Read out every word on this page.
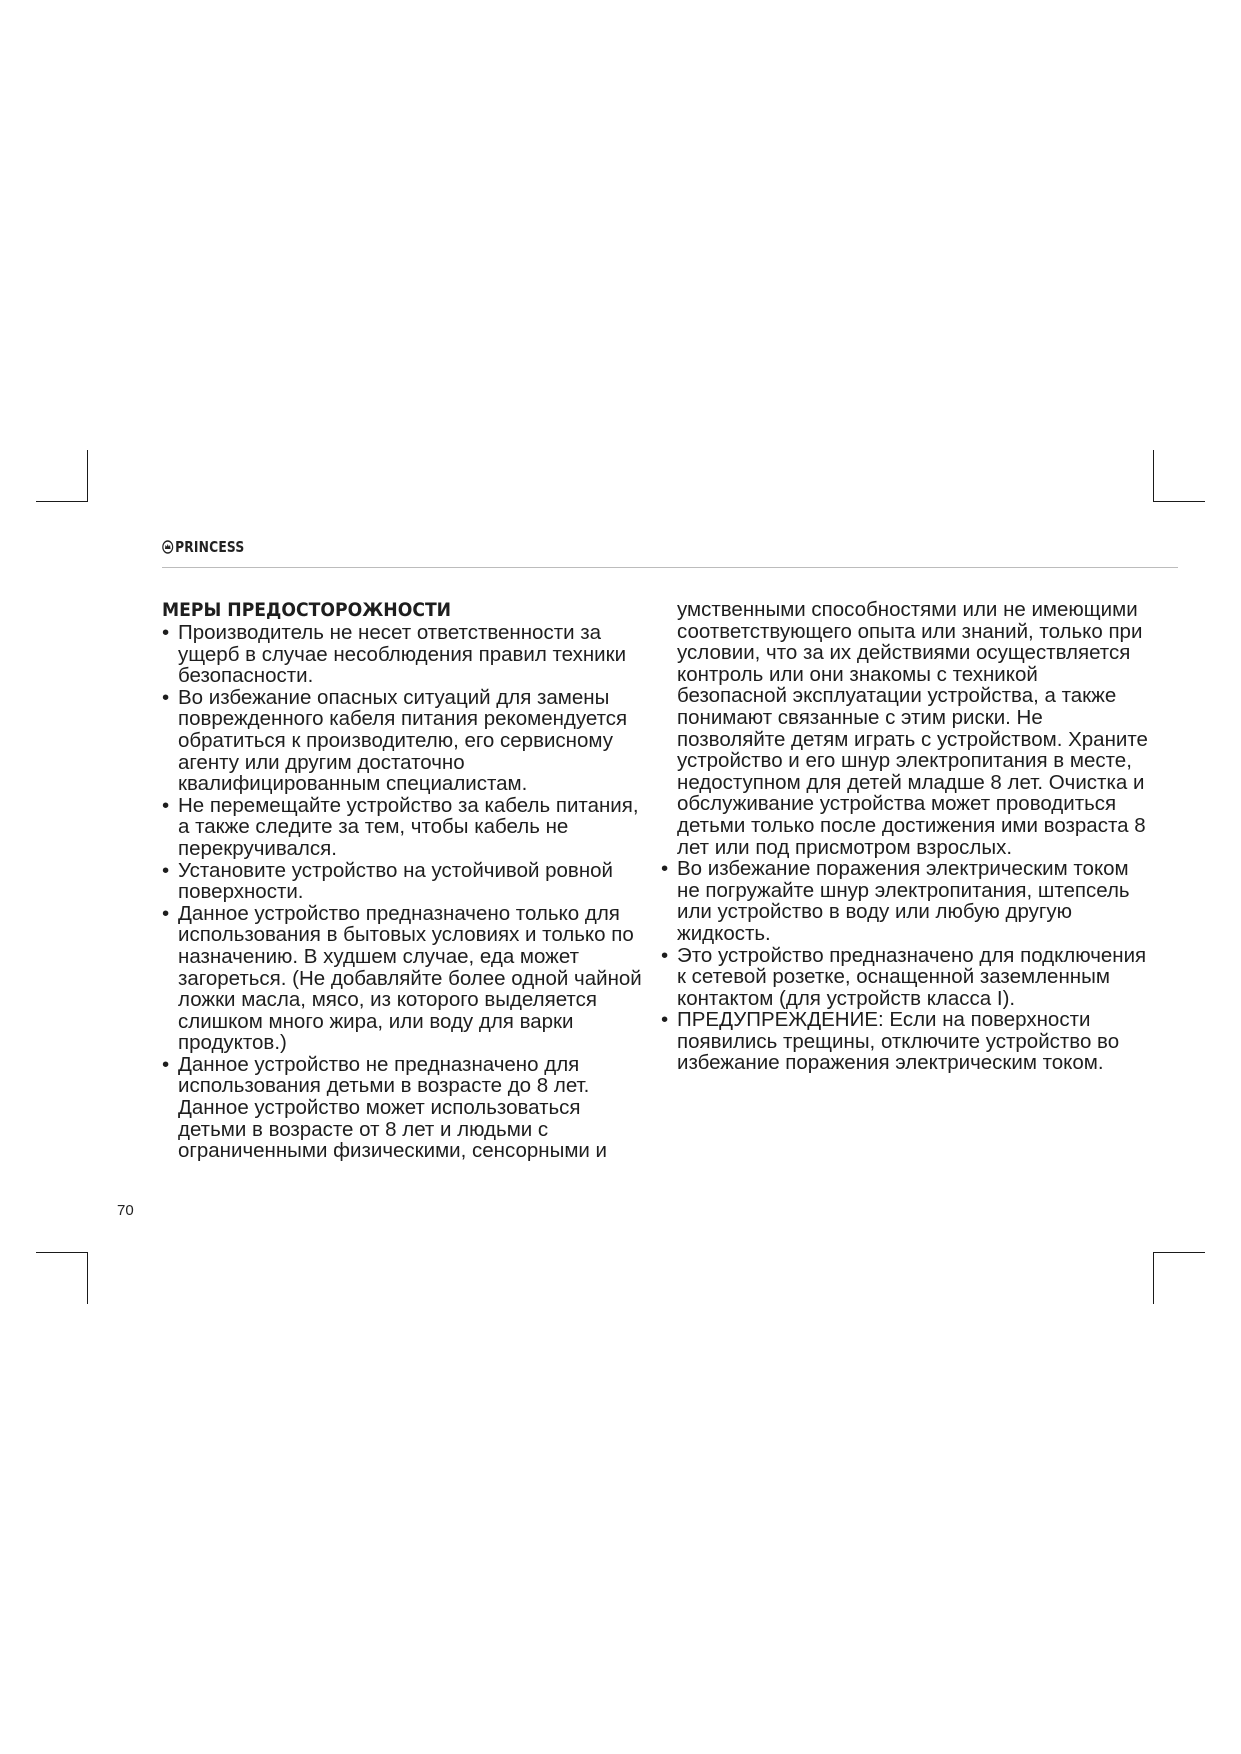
PRINCESS
МЕРЫ ПРЕДОСТОРОЖНОСТИ
• Производитель не несет ответственности за ущерб в случае несоблюдения правил техники безопасности.
• Во избежание опасных ситуаций для замены поврежденного кабеля питания рекомендуется обратиться к производителю, его сервисному агенту или другим достаточно квалифицированным специалистам.
• Не перемещайте устройство за кабель питания, а также следите за тем, чтобы кабель не перекручивался.
• Установите устройство на устойчивой ровной поверхности.
• Данное устройство предназначено только для использования в бытовых условиях и только по назначению. В худшем случае, еда может загореться. (Не добавляйте более одной чайной ложки масла, мясо, из которого выделяется слишком много жира, или воду для варки продуктов.)
• Данное устройство не предназначено для использования детьми в возрасте до 8 лет. Данное устройство может использоваться детьми в возрасте от 8 лет и людьми с ограниченными физическими, сенсорными и

умственными способностями или не имеющими соответствующего опыта или знаний, только при условии, что за их действиями осуществляется контроль или они знакомы с техникой безопасной эксплуатации устройства, а также понимают связанные с этим риски. Не позволяйте детям играть с устройством. Храните устройство и его шнур электропитания в месте, недоступном для детей младше 8 лет. Очистка и обслуживание устройства может проводиться детьми только после достижения ими возраста 8 лет или под присмотром взрослых.

• Во избежание поражения электрическим током не погружайте шнур электропитания, штепсель или устройство в воду или любую другую жидкость.
• Это устройство предназначено для подключения к сетевой розетке, оснащенной заземленным контактом (для устройств класса I).
• ПРЕДУПРЕЖДЕНИЕ: Если на поверхности появились трещины, отключите устройство во избежание поражения электрическим током.
70
